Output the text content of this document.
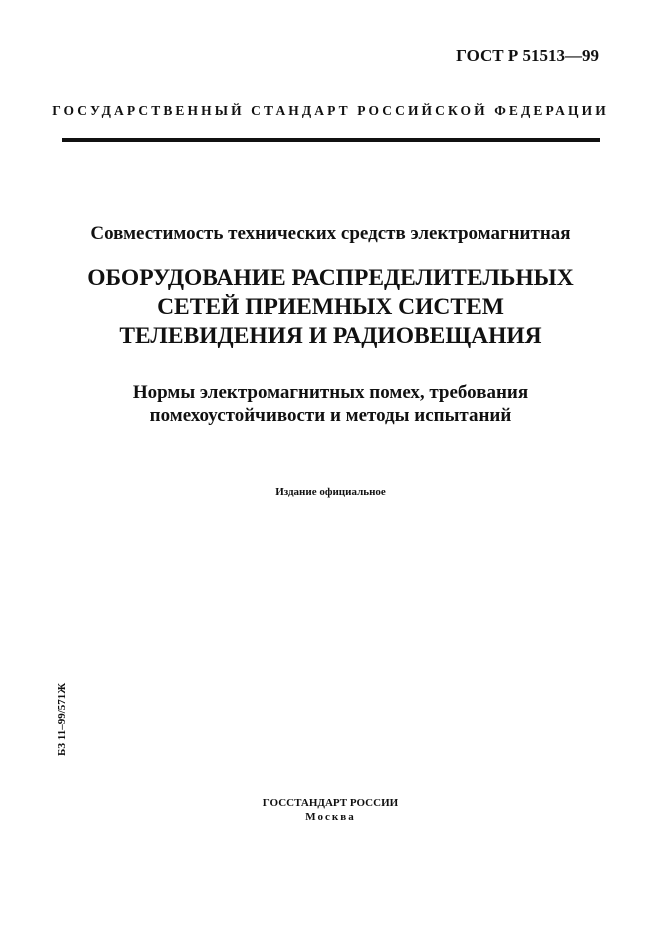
ГОСТ Р 51513—99
ГОСУДАРСТВЕННЫЙ СТАНДАРТ РОССИЙСКОЙ ФЕДЕРАЦИИ
Совместимость технических средств электромагнитная
ОБОРУДОВАНИЕ РАСПРЕДЕЛИТЕЛЬНЫХ
СЕТЕЙ ПРИЕМНЫХ СИСТЕМ
ТЕЛЕВИДЕНИЯ И РАДИОВЕЩАНИЯ
Нормы электромагнитных помех, требования
помехоустойчивости и методы испытаний
Издание официальное
БЗ 11–99/571Ж
ГОССТАНДАРТ РОССИИ
Москва
